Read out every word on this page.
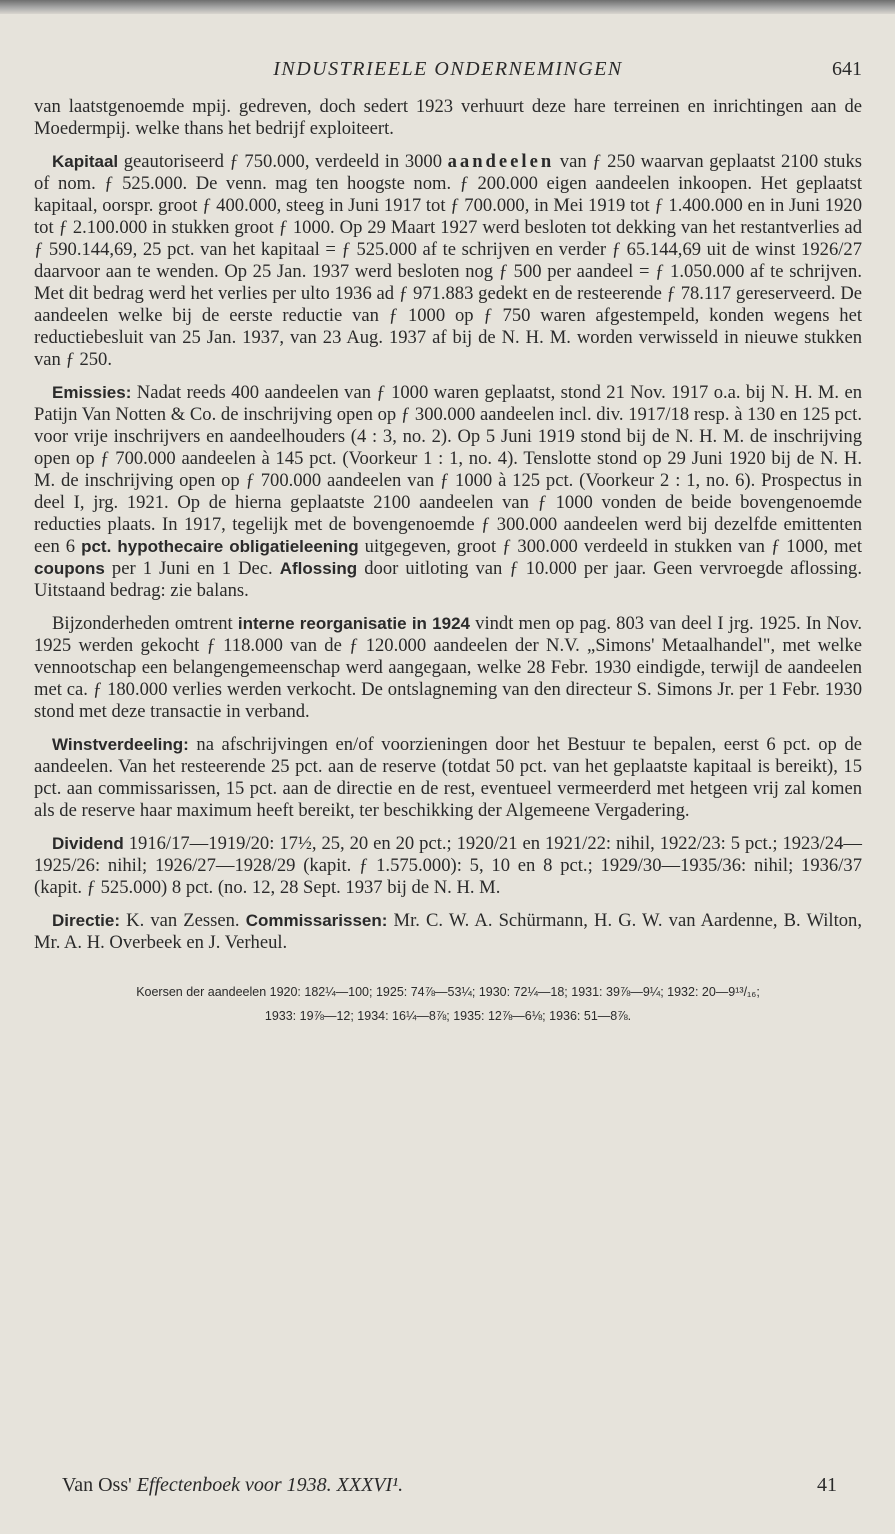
INDUSTRIEELE ONDERNEMINGEN	641

van laatstgenoemde mpij. gedreven, doch sedert 1923 verhuurt deze hare terreinen en inrichtingen aan de Moedermpij. welke thans het bedrijf exploiteert.

Kapitaal geautoriseerd ƒ 750.000, verdeeld in 3000 aandeelen van ƒ 250 waarvan geplaatst 2100 stuks of nom. ƒ 525.000. De venn. mag ten hoogste nom. ƒ 200.000 eigen aandeelen inkoopen. Het geplaatst kapitaal, oorspr. groot ƒ 400.000, steeg in Juni 1917 tot ƒ 700.000, in Mei 1919 tot ƒ 1.400.000 en in Juni 1920 tot ƒ 2.100.000 in stukken groot ƒ 1000. Op 29 Maart 1927 werd besloten tot dekking van het restantverlies ad ƒ 590.144,69, 25 pct. van het kapitaal = ƒ 525.000 af te schrijven en verder ƒ 65.144,69 uit de winst 1926/27 daarvoor aan te wenden. Op 25 Jan. 1937 werd besloten nog ƒ 500 per aandeel = ƒ 1.050.000 af te schrijven. Met dit bedrag werd het verlies per ulto 1936 ad ƒ 971.883 gedekt en de resteerende ƒ 78.117 gereserveerd. De aandeelen welke bij de eerste reductie van ƒ 1000 op ƒ 750 waren afgestempeld, konden wegens het reductiebesluit van 25 Jan. 1937, van 23 Aug. 1937 af bij de N. H. M. worden verwisseld in nieuwe stukken van ƒ 250.

Emissies: Nadat reeds 400 aandeelen van ƒ 1000 waren geplaatst, stond 21 Nov. 1917 o.a. bij N. H. M. en Patijn Van Notten & Co. de inschrijving open op ƒ 300.000 aandeelen incl. div. 1917/18 resp. à 130 en 125 pct. voor vrije inschrijvers en aandeelhouders (4 : 3, no. 2). Op 5 Juni 1919 stond bij de N. H. M. de inschrijving open op ƒ 700.000 aandeelen à 145 pct. (Voorkeur 1 : 1, no. 4). Tenslotte stond op 29 Juni 1920 bij de N. H. M. de inschrijving open op ƒ 700.000 aandeelen van ƒ 1000 à 125 pct. (Voorkeur 2 : 1, no. 6). Prospectus in deel I, jrg. 1921. Op de hierna geplaatste 2100 aandeelen van ƒ 1000 vonden de beide bovengenoemde reducties plaats. In 1917, tegelijk met de bovengenoemde ƒ 300.000 aandeelen werd bij dezelfde emittenten een 6 pct. hypothecaire obligatieleening uitgegeven, groot ƒ 300.000 verdeeld in stukken van ƒ 1000, met coupons per 1 Juni en 1 Dec. Aflossing door uitloting van ƒ 10.000 per jaar. Geen vervroegde aflossing. Uitstaand bedrag: zie balans.

Bijzonderheden omtrent interne reorganisatie in 1924 vindt men op pag. 803 van deel I jrg. 1925. In Nov. 1925 werden gekocht ƒ 118.000 van de ƒ 120.000 aandeelen der N.V. „Simons' Metaalhandel", met welke vennootschap een belangengemeenschap werd aangegaan, welke 28 Febr. 1930 eindigde, terwijl de aandeelen met ca. ƒ 180.000 verlies werden verkocht. De ontslagneming van den directeur S. Simons Jr. per 1 Febr. 1930 stond met deze transactie in verband.

Winstverdeeling: na afschrijvingen en/of voorzieningen door het Bestuur te bepalen, eerst 6 pct. op de aandeelen. Van het resteerende 25 pct. aan de reserve (totdat 50 pct. van het geplaatste kapitaal is bereikt), 15 pct. aan commissarissen, 15 pct. aan de directie en de rest, eventueel vermeerderd met hetgeen vrij zal komen als de reserve haar maximum heeft bereikt, ter beschikking der Algemeene Vergadering.

Dividend 1916/17—1919/20: 17½, 25, 20 en 20 pct.; 1920/21 en 1921/22: nihil, 1922/23: 5 pct.; 1923/24—1925/26: nihil; 1926/27—1928/29 (kapit. ƒ 1.575.000): 5, 10 en 8 pct.; 1929/30—1935/36: nihil; 1936/37 (kapit. ƒ 525.000) 8 pct. (no. 12, 28 Sept. 1937 bij de N. H. M.

Directie: K. van Zessen. Commissarissen: Mr. C. W. A. Schürmann, H. G. W. van Aardenne, B. Wilton, Mr. A. H. Overbeek en J. Verheul.

Koersen der aandeelen 1920: 182¼—100; 1925: 74⅞—53¼; 1930: 72¼—18; 1931: 39⅞—9¼; 1932: 20—9¹³/₁₆;
1933: 19⅞—12; 1934: 16¼—8⅞; 1935: 12⅞—6⅛; 1936: 51—8⅞.
Van Oss' Effectenboek voor 1938. XXXVI¹.	41
